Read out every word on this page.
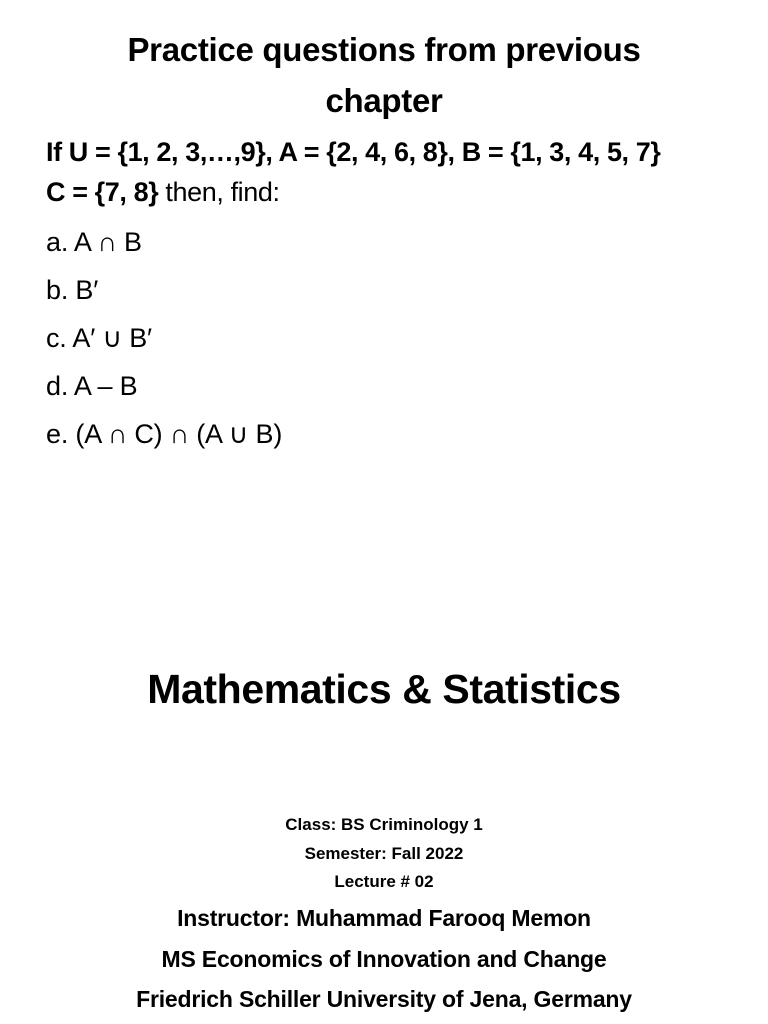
Practice questions from previous
chapter
If U = {1, 2, 3,…,9}, A = {2, 4, 6, 8}, B = {1, 3, 4, 5, 7}
C = {7, 8} then, find:
a. A ∩ B
b. B′
c. A′ ∪ B′
d. A – B
e. (A ∩ C) ∩ (A ∪ B)
Mathematics & Statistics
Class: BS Criminology 1
Semester: Fall 2022
Lecture # 02
Instructor: Muhammad Farooq Memon
MS Economics of Innovation and Change
Friedrich Schiller University of Jena, Germany
